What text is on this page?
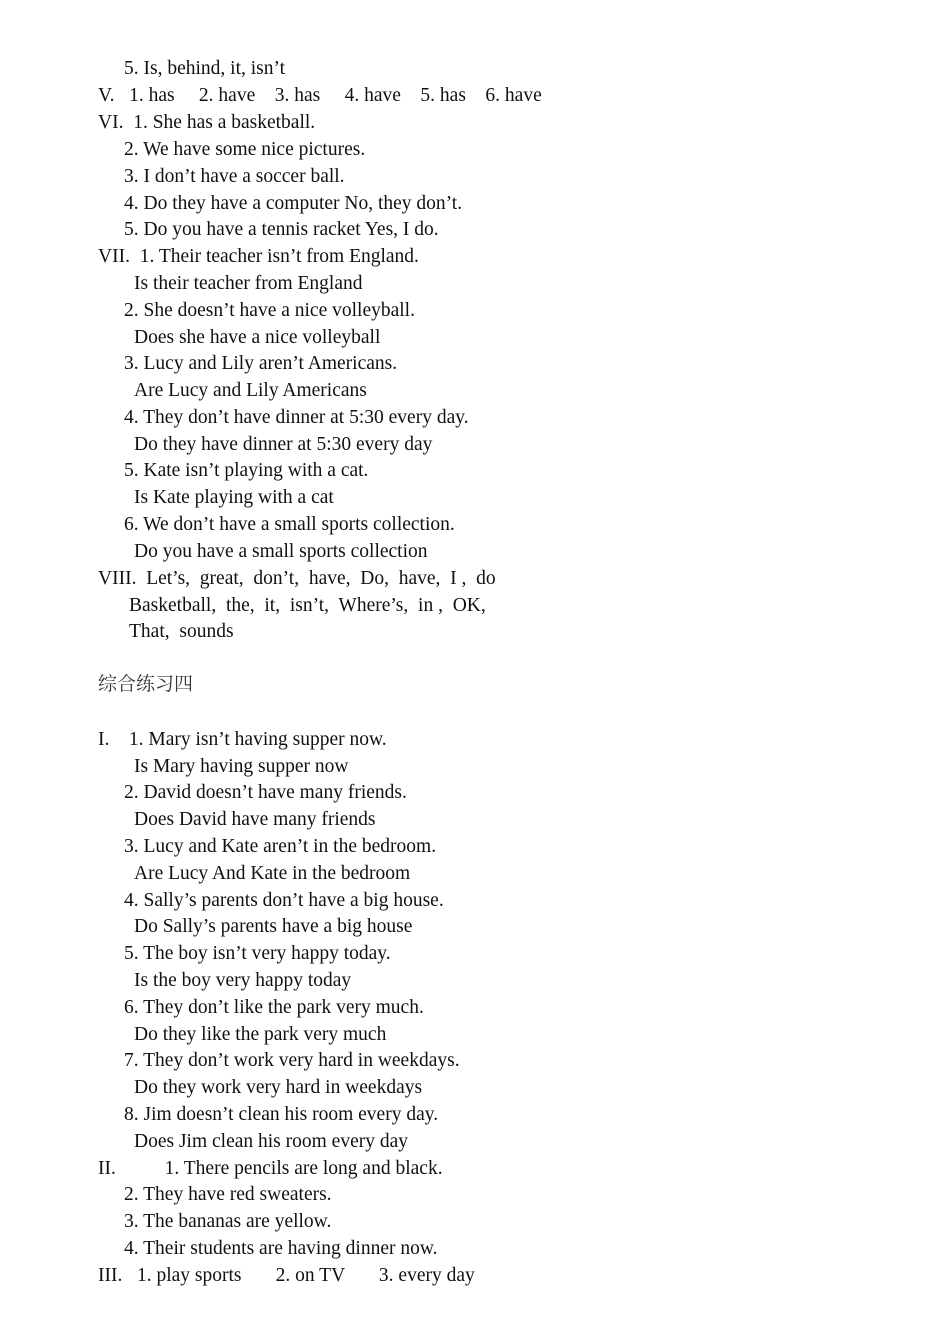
5. Is, behind, it, isn’t
V.   1. has     2. have    3. has     4. have    5. has    6. have
VI.  1. She has a basketball.
2. We have some nice pictures.
3. I don’t have a soccer ball.
4. Do they have a computer No, they don’t.
5. Do you have a tennis racket Yes, I do.
VII.  1. Their teacher isn’t from England.
Is their teacher from England
2. She doesn’t have a nice volleyball.
Does she have a nice volleyball
3. Lucy and Lily aren’t Americans.
Are Lucy and Lily Americans
4. They don’t have dinner at 5:30 every day.
Do they have dinner at 5:30 every day
5. Kate isn’t playing with a cat.
Is Kate playing with a cat
6. We don’t have a small sports collection.
Do you have a small sports collection
VIII.  Let’s,  great,  don’t,  have,  Do,  have,  I ,  do
Basketball,  the,  it,  isn’t,  Where’s,  in ,  OK,
That,  sounds
综合练习四
I.    1. Mary isn’t having supper now.
Is Mary having supper now
2. David doesn’t have many friends.
Does David have many friends
3. Lucy and Kate aren’t in the bedroom.
Are Lucy And Kate in the bedroom
4. Sally’s parents don’t have a big house.
Do Sally’s parents have a big house
5. The boy isn’t very happy today.
Is the boy very happy today
6. They don’t like the park very much.
Do they like the park very much
7. They don’t work very hard in weekdays.
Do they work very hard in weekdays
8. Jim doesn’t clean his room every day.
Does Jim clean his room every day
II.          1. There pencils are long and black.
2. They have red sweaters.
3. The bananas are yellow.
4. Their students are having dinner now.
III.   1. play sports       2. on TV       3. every day
